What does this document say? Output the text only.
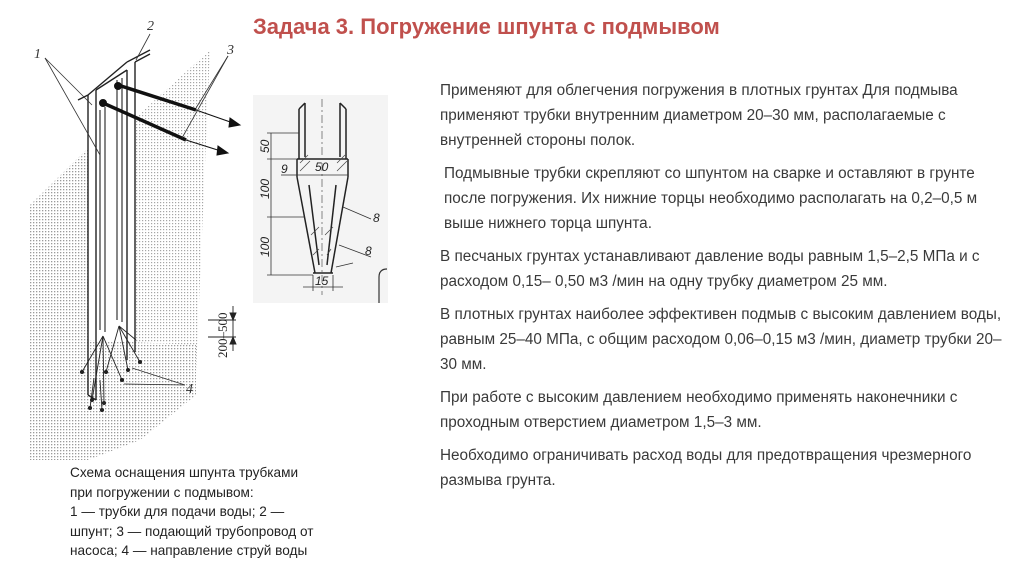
Задача 3. Погружение шпунта с подмывом
1
2
3
4
200–500
50
100
100
9 50
8
8
15

Применяют для облегчения погружения в плотных грунтах Для подмыва применяют трубки внутренним диаметром 20–30 мм, располагаемые с внутренней стороны полок.

Подмывные трубки скрепляют со шпунтом на сварке и оставляют в грунте после погружения. Их нижние торцы необходимо располагать на 0,2–0,5 м выше нижнего торца шпунта.

В песчаных грунтах устанавливают давление воды равным 1,5–2,5 МПа и с расходом 0,15– 0,50 м3 /мин на одну трубку диаметром 25 мм.

В плотных грунтах наиболее эффективен подмыв с высоким давлением воды, равным 25–40 МПа, с общим расходом 0,06–0,15 м3 /мин, диаметр трубки 20– 30 мм.

При работе с высоким давлением необходимо применять наконечники с проходным отверстием диаметром 1,5–3 мм.

Необходимо ограничивать расход воды для предотвращения чрезмерного размыва грунта.

Схема оснащения шпунта трубками
при погружении с подмывом:
1 — трубки для подачи воды; 2 —
шпунт; 3 — подающий трубопровод от
насоса; 4 — направление струй воды
